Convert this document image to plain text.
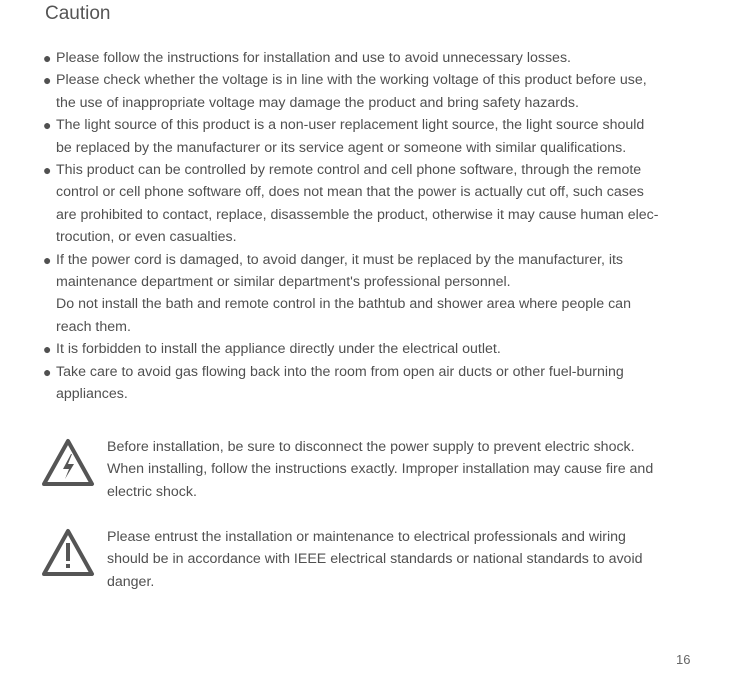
Caution
● Please follow the instructions for installation and use to avoid unnecessary losses.
● Please check whether the voltage is in line with the working voltage of this product before use,
the use of inappropriate voltage may damage the product and bring safety hazards.
● The light source of this product is a non-user replacement light source, the light source should
be replaced by the manufacturer or its service agent or someone with similar qualifications.
● This product can be controlled by remote control and cell phone software, through the remote
control or cell phone software off, does not mean that the power is actually cut off, such cases
are prohibited to contact, replace, disassemble the product, otherwise it may cause human elec-
trocution, or even casualties.
● If the power cord is damaged, to avoid danger, it must be replaced by the manufacturer, its
maintenance department or similar department's professional personnel.
Do not install the bath and remote control in the bathtub and shower area where people can
reach them.
● It is forbidden to install the appliance directly under the electrical outlet.
● Take care to avoid gas flowing back into the room from open air ducts or other fuel-burning
appliances.
Before installation, be sure to disconnect the power supply to prevent electric shock.
When installing, follow the instructions exactly. Improper installation may cause fire and
electric shock.
Please entrust the installation or maintenance to electrical professionals and wiring
should be in accordance with IEEE electrical standards or national standards to avoid
danger.
16
